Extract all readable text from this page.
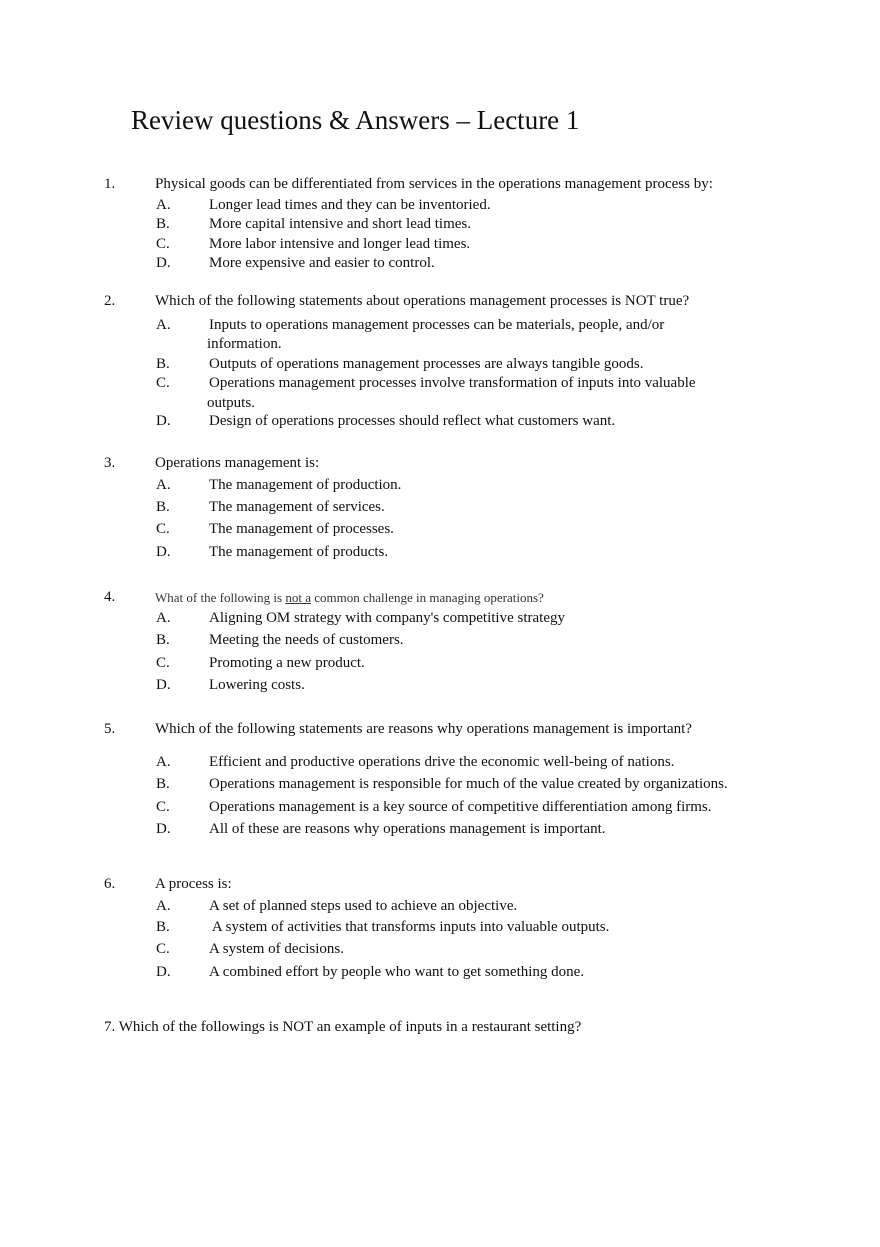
Review questions & Answers – Lecture 1
1.	Physical goods can be differentiated from services in the operations management process by:
A.	Longer lead times and they can be inventoried.
B.	More capital intensive and short lead times.
C.	More labor intensive and longer lead times.
D.	More expensive and easier to control.
2.	Which of the following statements about operations management processes is NOT true?
A.	Inputs to operations management processes can be materials, people, and/or
information.
B.	Outputs of operations management processes are always tangible goods.
C.	Operations management processes involve transformation of inputs into valuable
outputs.
D.	Design of operations processes should reflect what customers want.
3.	Operations management is:
A.	The management of production.
B.	The management of services.
C.	The management of processes.
D.	The management of products.
4.	What of the following is not a common challenge in managing operations?
A.	Aligning OM strategy with company's competitive strategy
B.	Meeting the needs of customers.
C.	Promoting a new product.
D.	Lowering costs.
5.	Which of the following statements are reasons why operations management is important?
A.	Efficient and productive operations drive the economic well-being of nations.
B.	Operations management is responsible for much of the value created by organizations.
C.	Operations management is a key source of competitive differentiation among firms.
D.	All of these are reasons why operations management is important.
6.	A process is:
A.	A set of planned steps used to achieve an objective.
B.	A system of activities that transforms inputs into valuable outputs.
C.	A system of decisions.
D.	A combined effort by people who want to get something done.
7. Which of the followings is NOT an example of inputs in a restaurant setting?
